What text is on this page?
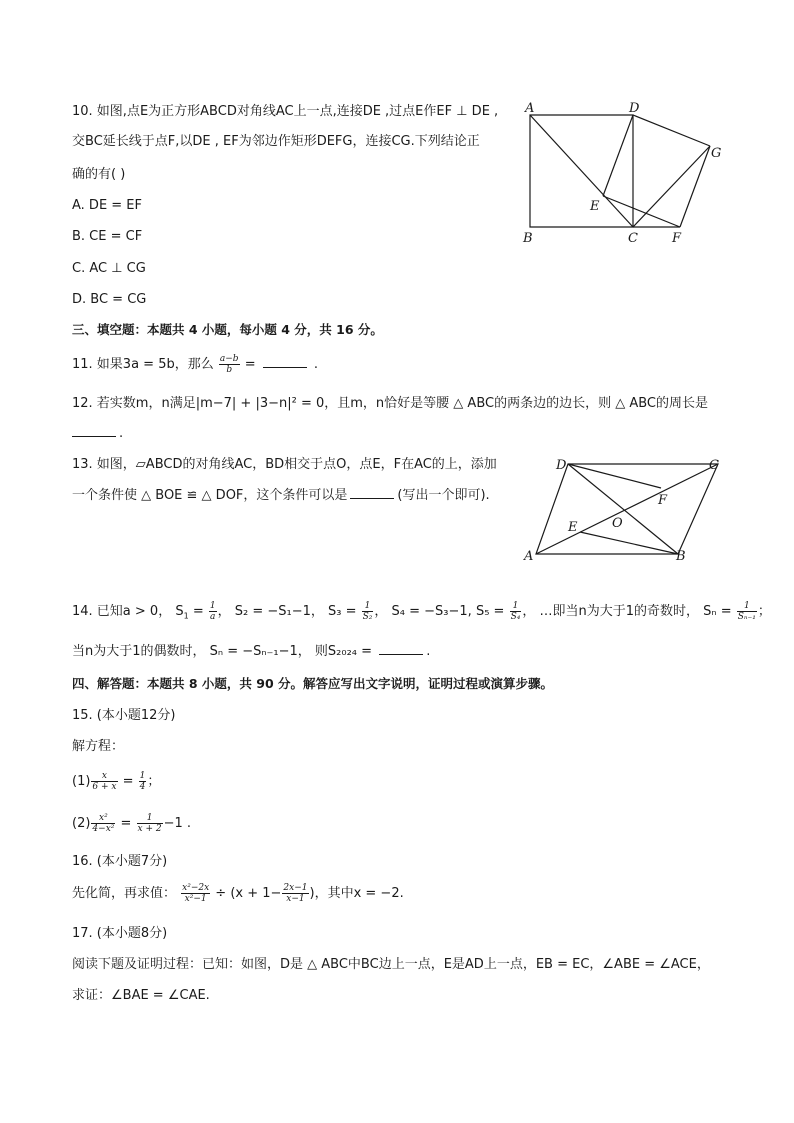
10. 如图,点E为正方形ABCD对角线AC上一点,连接DE ,过点E作EF ⊥ DE ,
交BC延长线于点F,以DE , EF为邻边作矩形DEFG，连接CG.下列结论正
确的有( )
A. DE = EF
B. CE = CF
C. AC ⊥ CG
D. BC = CG
A	D
G
E
B	C	F
三、填空题：本题共 4 小题，每小题 4 分，共 16 分。
11. 如果3a = 5b，那么 $\frac{a-b}{b}$ =	.
12. 若实数m，n满足|m−7| + |3−n|² = 0，且m，n恰好是等腰 △ ABC的两条边的边长，则 △ ABC的周长是
.
13. 如图，▱ABCD的对角线AC，BD相交于点O，点E，F在AC的上，添加
一个条件使 △ BOE ≌ △ DOF，这个条件可以是	(写出一个即可).
D	C
F
O
E
A	B
14. 已知a > 0， $S_1 = \frac{1}{a}$ ， S₂ = −S₁−1， $S_3 = \frac{1}{\text{S₂}}$ ， S₄ = −S₃−1, $S_5 = \frac{1}{\text{S₄}}$ ， …即当n为大于1的奇数时， $S_n = \frac{1}{\text{Sₙ₋₁}}$ ；
当n为大于1的偶数时， Sₙ = −Sₙ₋₁−1， 则S₂₀₂₄ =	.
四、解答题：本题共 8 小题，共 90 分。解答应写出文字说明，证明过程或演算步骤。
15. (本小题12分)
解方程：
$(1) \frac{x}{6 + x} = \frac{1}{4}$ ；
$(2) \frac{\text{x²}}{\text{4−x²}} = \frac{1}{x + 2} -1$ .
16. (本小题7分)
先化简，再求值： $\frac{\text{x²−2x}}{\text{x²−1}} \div (x + 1- \frac{2x-1}{x-1}$ )，其中x = −2.
17. (本小题8分)
阅读下题及证明过程：已知：如图，D是 △ ABC中BC边上一点，E是AD上一点，EB = EC，∠ABE = ∠ACE，
求证：∠BAE = ∠CAE.
